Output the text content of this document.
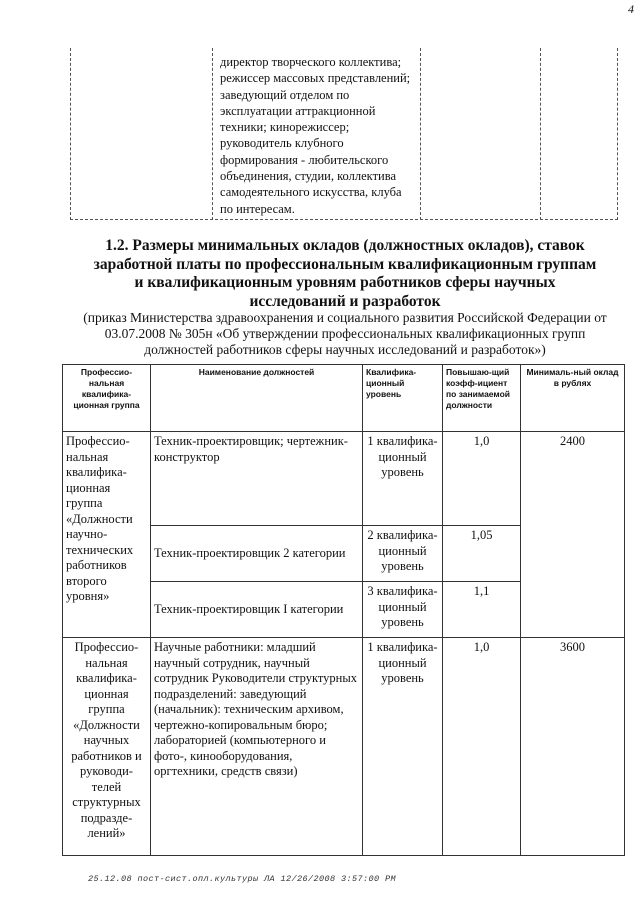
4
директор творческого коллектива; режиссер массовых представлений; заведующий отделом по эксплуатации аттракционной техники; кинорежиссер; руководитель клубного формирования - любительского объединения, студии, коллектива самодеятельного искусства, клуба по интересам.
1.2. Размеры минимальных окладов (должностных окладов), ставок заработной платы по профессиональным квалификационным группам и квалификационным уровням работников сферы научных исследований и разработок
(приказ Министерства здравоохранения и социального развития Российской Федерации от 03.07.2008 № 305н «Об утверждении профессиональных квалификационных групп должностей работников сферы научных исследований и разработок»)
Профессио-нальная квалифика-ционная группа	Наименование должностей	Квалифика-ционный уровень	Повышаю-щий коэфф-ициент по занимаемой должности	Минималь-ный оклад в рублях
Профессио-нальная квалифика-ционная группа «Должности научно-технических работников второго уровня»	Техник-проектировщик; чертежник-конструктор	1 квалифика-ционный уровень	1,0	2400
	Техник-проектировщик 2 категории	2 квалифика-ционный уровень	1,05	
	Техник-проектировщик I категории	3 квалифика-ционный уровень	1,1	
Профессио-нальная квалифика-ционная группа «Должности научных работников и руководи-телей структурных подразде-лений»	Научные работники: младший научный сотрудник, научный сотрудник Руководители структурных подразделений: заведующий (начальник): техническим архивом, чертежно-копировальным бюро; лабораторией (компьютерного и фото-, кинооборудования, оргтехники, средств связи)	1 квалифика-ционный уровень	1,0	3600
25.12.08 пост-сист.опл.культуры ЛА 12/26/2008 3:57:00 PM
